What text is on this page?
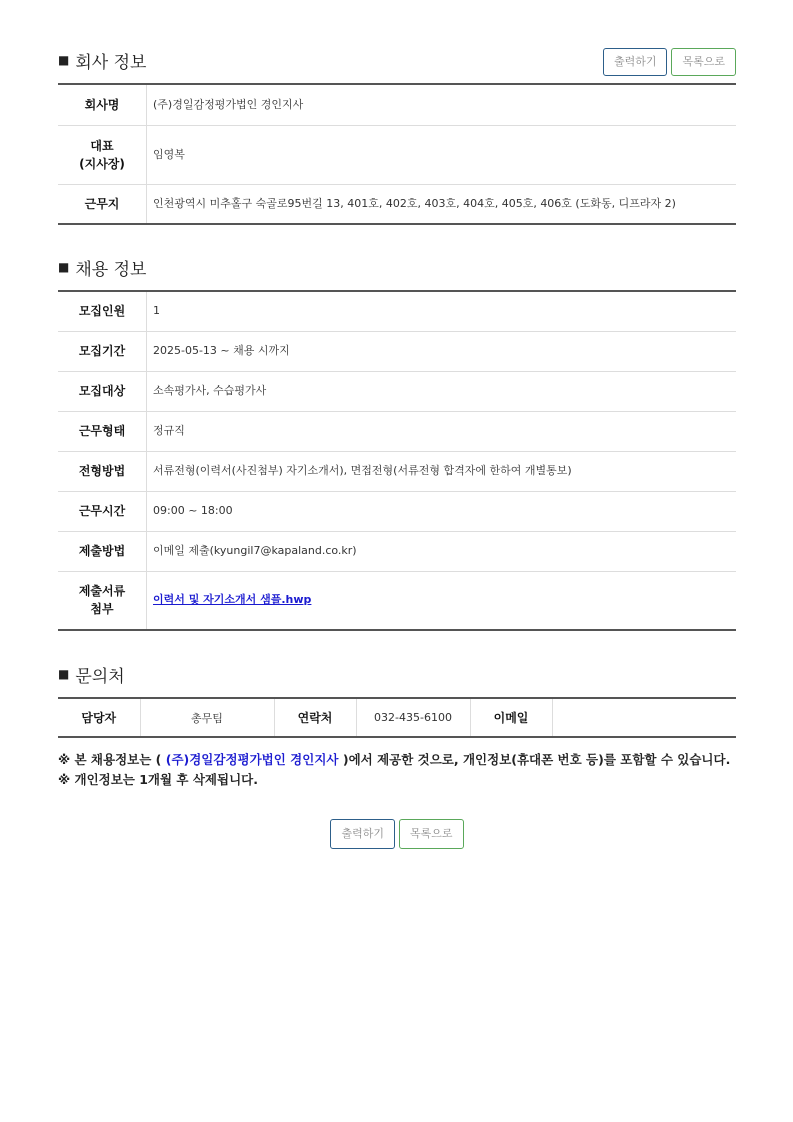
■ 회사 정보	출력하기	목록으로
회사명	(주)경일감정평가법인 경인지사

대표
(지사장)	임영복
근무지	인천광역시 미추홀구 숙골로95번길 13, 401호, 402호, 403호, 404호, 405호, 406호 (도화동, 디프라자 2)
■ 채용 정보
모집인원	1
모집기간	2025-05-13 ~ 채용 시까지
모집대상	소속평가사, 수습평가사
근무형태	정규직
전형방법	서류전형(이력서(사진첨부) 자기소개서), 면접전형(서류전형 합격자에 한하여 개별통보)
근무시간	09:00 ~ 18:00
제출방법	이메일 제출(kyungil7@kapaland.co.kr)

제출서류
첨부	이력서 및 자기소개서 샘플.hwp
■ 문의처
담당자	총무팀	연락처	032-435-6100	이메일	
※ 본 채용정보는 ( (주)경일감정평가법인 경인지사 )에서 제공한 것으로, 개인정보(휴대폰 번호 등)를 포함할 수 있습니다.
※ 개인정보는 1개월 후 삭제됩니다.
출력하기	목록으로
